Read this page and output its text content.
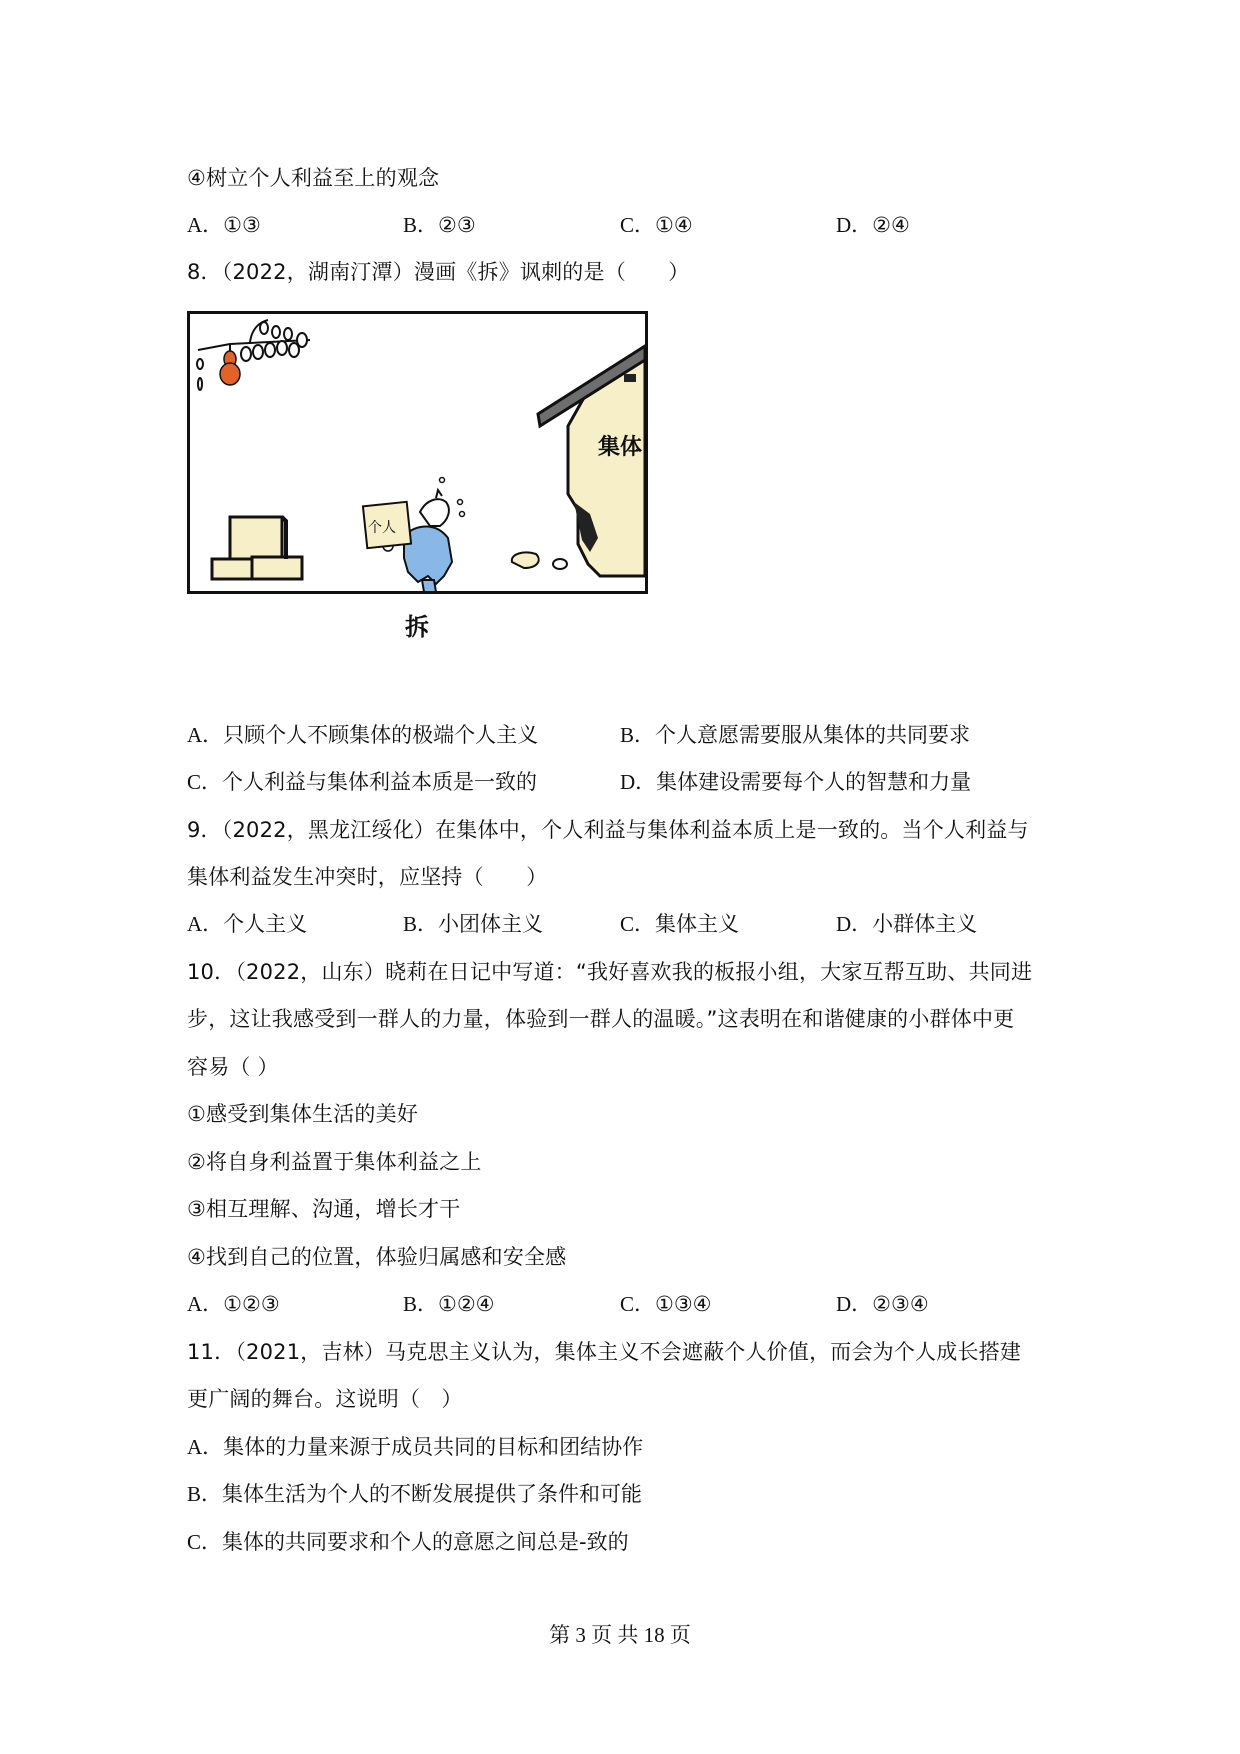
④树立个人利益至上的观念
A．①③	B．②③	C．①④	D．②④
8．（2022，湖南汀潭）漫画《拆》讽刺的是（　　）
个人
集体
拆
A．只顾个人不顾集体的极端个人主义	B．个人意愿需要服从集体的共同要求
C．个人利益与集体利益本质是一致的	D．集体建设需要每个人的智慧和力量
9．（2022，黑龙江绥化）在集体中，个人利益与集体利益本质上是一致的。当个人利益与
集体利益发生冲突时，应坚持（　　）
A．个人主义	B．小团体主义	C．集体主义	D．小群体主义
10．（2022，山东）晓莉在日记中写道：“我好喜欢我的板报小组，大家互帮互助、共同进
步，这让我感受到一群人的力量，体验到一群人的温暖。”这表明在和谐健康的小群体中更
容易（ ）
①感受到集体生活的美好
②将自身利益置于集体利益之上
③相互理解、沟通，增长才干
④找到自己的位置，体验归属感和安全感
A．①②③	B．①②④	C．①③④	D．②③④
11．（2021，吉林）马克思主义认为，集体主义不会遮蔽个人价值，而会为个人成长搭建
更广阔的舞台。这说明（　）
A．集体的力量来源于成员共同的目标和团结协作
B．集体生活为个人的不断发展提供了条件和可能
C．集体的共同要求和个人的意愿之间总是-致的
第 3 页 共 18 页
